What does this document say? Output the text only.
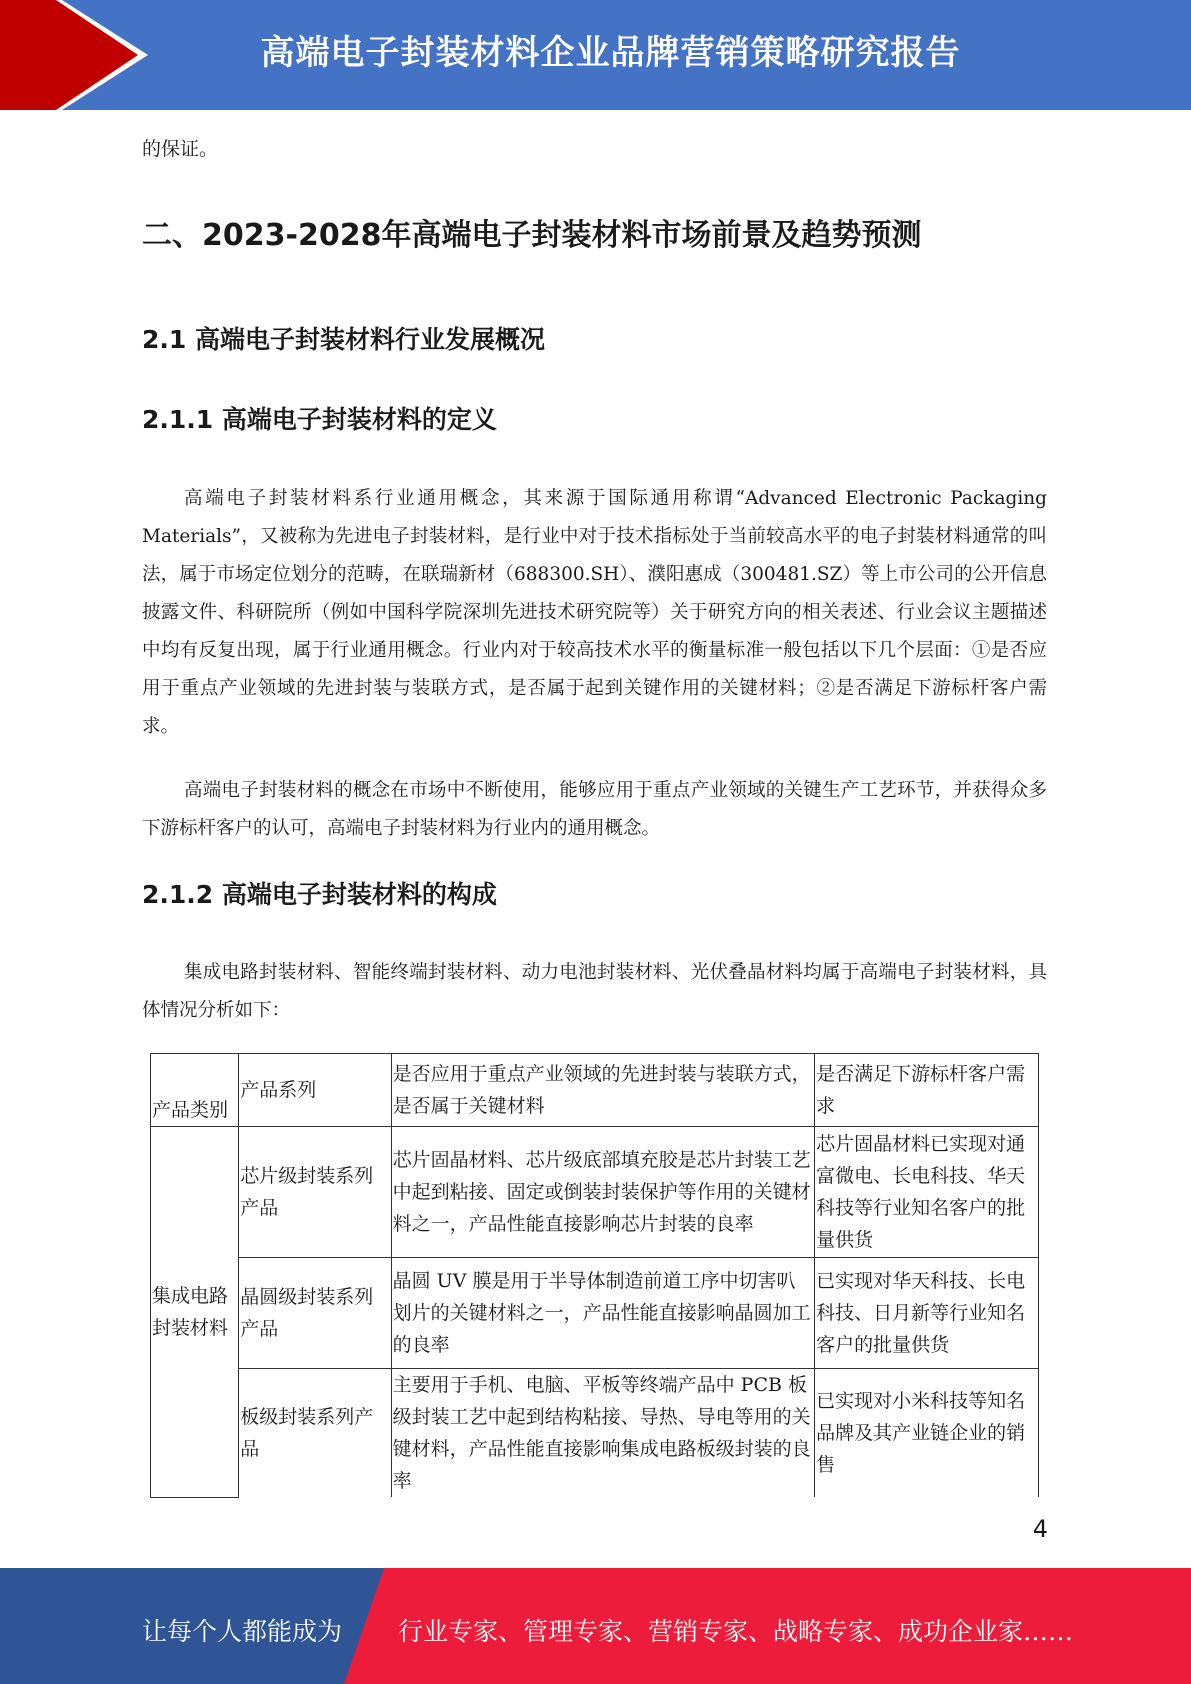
高端电子封装材料企业品牌营销策略研究报告

的保证。

二、2023-2028年高端电子封装材料市场前景及趋势预测
2.1 高端电子封装材料行业发展概况
2.1.1 高端电子封装材料的定义

高端电子封装材料系行业通用概念，其来源于国际通用称谓“Advanced Electronic Packaging Materials”，又被称为先进电子封装材料，是行业中对于技术指标处于当前较高水平的电子封装材料通常的叫法，属于市场定位划分的范畴，在联瑞新材（688300.SH）、濮阳惠成（300481.SZ）等上市公司的公开信息披露文件、科研院所（例如中国科学院深圳先进技术研究院等）关于研究方向的相关表述、行业会议主题描述中均有反复出现，属于行业通用概念。行业内对于较高技术水平的衡量标准一般包括以下几个层面：①是否应用于重点产业领域的先进封装与装联方式，是否属于起到关键作用的关键材料；②是否满足下游标杆客户需求。

高端电子封装材料的概念在市场中不断使用，能够应用于重点产业领域的关键生产工艺环节，并获得众多下游标杆客户的认可，高端电子封装材料为行业内的通用概念。

2.1.2 高端电子封装材料的构成

集成电路封装材料、智能终端封装材料、动力电池封装材料、光伏叠晶材料均属于高端电子封装材料，具体情况分析如下：

产品类别	产品系列	是否应用于重点产业领域的先进封装与装联方式，是否属于关键材料	是否满足下游标杆客户需求
集成电路封装材料	芯片级封装系列产品	芯片固晶材料、芯片级底部填充胶是芯片封装工艺中起到粘接、固定或倒装封装保护等作用的关键材料之一，产品性能直接影响芯片封装的良率	芯片固晶材料已实现对通富微电、长电科技、华天科技等行业知名客户的批量供货
	晶圆级封装系列产品	晶圆 UV 膜是用于半导体制造前道工序中切害叭划片的关键材料之一，产品性能直接影响晶圆加工的良率	已实现对华天科技、长电科技、日月新等行业知名客户的批量供货
	板级封装系列产品	主要用于手机、电脑、平板等终端产品中 PCB 板级封装工艺中起到结构粘接、导热、导电等用的关键材料，产品性能直接影响集成电路板级封装的良率	已实现对小米科技等知名品牌及其产业链企业的销售
4
让每个人都能成为 行业专家、管理专家、营销专家、战略专家、成功企业家……
